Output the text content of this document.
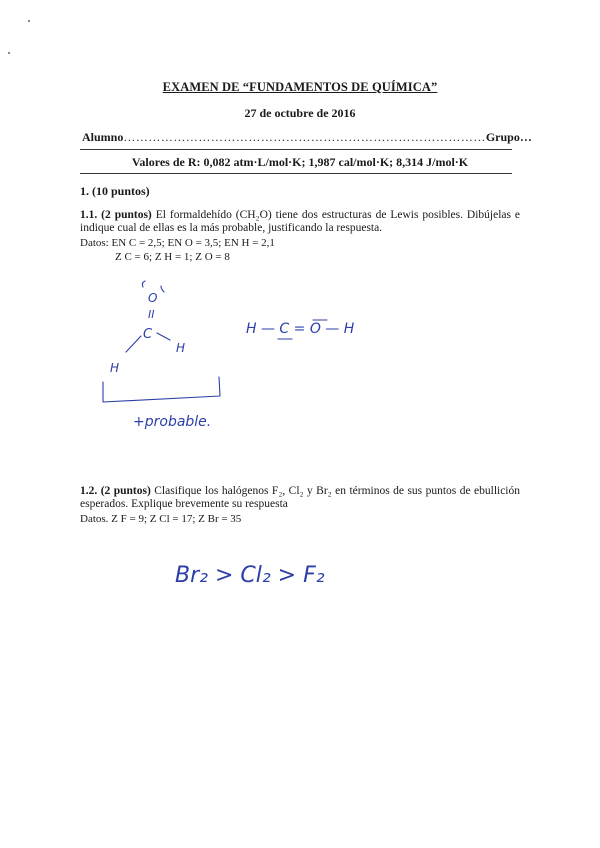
EXAMEN DE “FUNDAMENTOS DE QUÍMICA”
27 de octubre de 2016
Alumno……………………………………………………………………………Grupo…
Valores de R: 0,082 atm·L/mol·K; 1,987 cal/mol·K; 8,314 J/mol·K
1. (10 puntos)
1.1. (2 puntos) El formaldehído (CH₂O) tiene dos estructuras de Lewis posibles. Dibújelas e indique cual de ellas es la más probable, justificando la respuesta.
Datos: EN C = 2,5; EN O = 3,5; EN H = 2,1
Z C = 6; Z H = 1; Z O = 8
O
II
C
H
H
+probable.
H — C = O — H
1.2. (2 puntos) Clasifique los halógenos F₂, Cl₂ y Br₂ en términos de sus puntos de ebullición esperados. Explique brevemente su respuesta
Datos. Z F = 9; Z Cl = 17; Z Br = 35
Br₂ > Cl₂ > F₂
